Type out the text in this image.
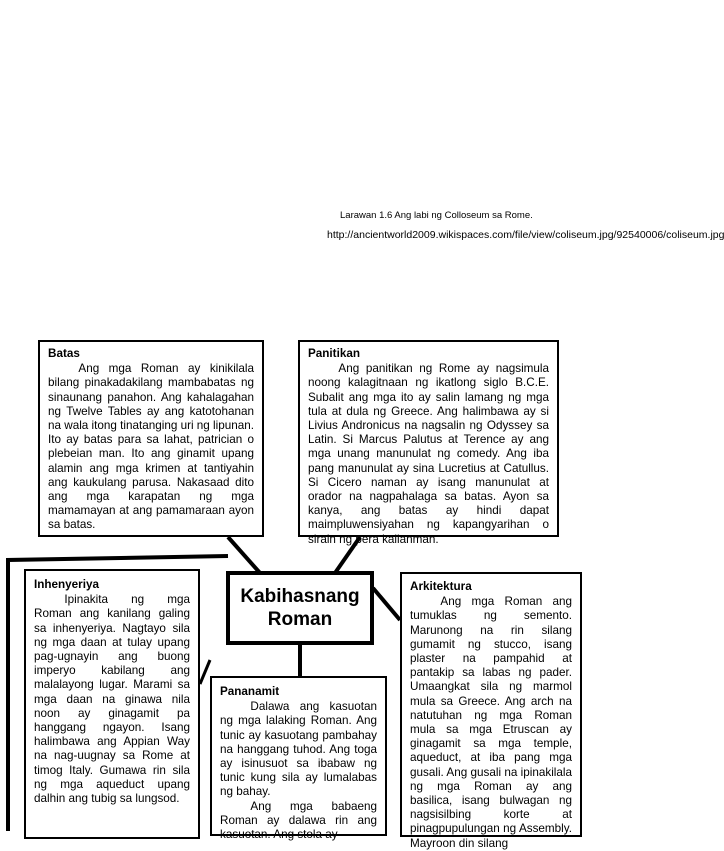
Larawan 1.6 Ang labi ng Colloseum sa Rome.
http://ancientworld2009.wikispaces.com/file/view/coliseum.jpg/92540006/coliseum.jpg
Batas

Ang mga Roman ay kinikilala bilang pinakadakilang mambabatas ng sinaunang panahon. Ang kahalagahan ng Twelve Tables ay ang katotohanan na wala itong tinatanging uri ng lipunan. Ito ay batas para sa lahat, patrician o plebeian man. Ito ang ginamit upang alamin ang mga krimen at tantiyahin ang kaukulang parusa. Nakasaad dito ang mga karapatan ng mga mamamayan at ang pamamaraan ayon sa batas.

Panitikan

Ang panitikan ng Rome ay nagsimula noong kalagitnaan ng ikatlong siglo B.C.E. Subalit ang mga ito ay salin lamang ng mga tula at dula ng Greece. Ang halimbawa ay si Livius Andronicus na nagsalin ng Odyssey sa Latin. Si Marcus Palutus at Terence ay ang mga unang manunulat ng comedy. Ang iba pang manunulat ay sina Lucretius at Catullus. Si Cicero naman ay isang manunulat at orador na nagpahalaga sa batas. Ayon sa kanya, ang batas ay hindi dapat maimpluwensiyahan ng kapangyarihan o sirain ng pera kailanman.

Kabihasnang
Roman
Inhenyeriya

Ipinakita ng mga Roman ang kanilang galing sa inhenyeriya. Nagtayo sila ng mga daan at tulay upang pag-ugnayin ang buong imperyo kabilang ang malalayong lugar. Marami sa mga daan na ginawa nila noon ay ginagamit pa hanggang ngayon. Isang halimbawa ang Appian Way na nag-uugnay sa Rome at timog Italy. Gumawa rin sila ng mga aqueduct upang dalhin ang tubig sa lungsod.

Pananamit

Dalawa ang kasuotan ng mga lalaking Roman. Ang tunic ay kasuotang pambahay na hanggang tuhod. Ang toga ay isinusuot sa ibabaw ng tunic kung sila ay lumalabas ng bahay.

Ang mga babaeng Roman ay dalawa rin ang kasuotan. Ang stola ay

Arkitektura

Ang mga Roman ang tumuklas ng semento. Marunong na rin silang gumamit ng stucco, isang plaster na pampahid at pantakip sa labas ng pader. Umaangkat sila ng marmol mula sa Greece. Ang arch na natutuhan ng mga Roman mula sa mga Etruscan ay ginagamit sa mga temple, aqueduct, at iba pang mga gusali. Ang gusali na ipinakilala ng mga Roman ay ang basilica, isang bulwagan ng nagsisilbing korte at pinagpupulungan ng Assembly. Mayroon din silang
